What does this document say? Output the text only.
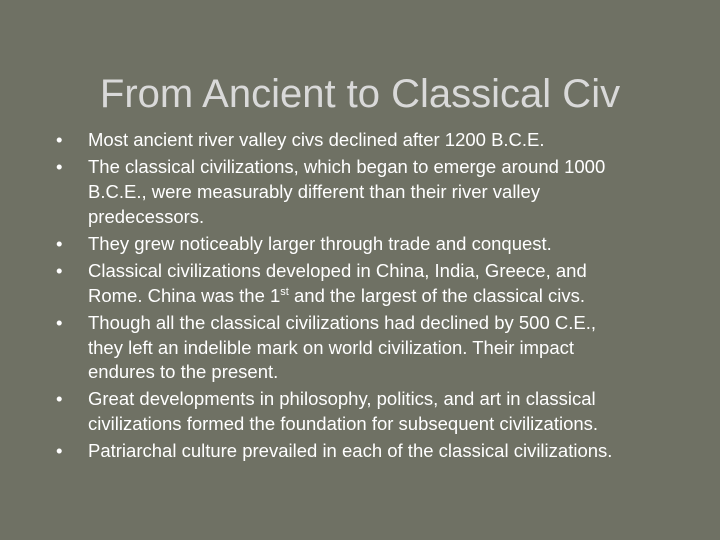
From Ancient to Classical Civ
•	Most ancient river valley civs declined after 1200 B.C.E.
•	The classical civilizations, which began to emerge around 1000
B.C.E., were measurably different than their river valley
predecessors.
•	They grew noticeably larger through trade and conquest.
•	Classical civilizations developed in China, India, Greece, and
Rome. China was the 1st and the largest of the classical civs.
•	Though all the classical civilizations had declined by 500 C.E.,
they left an indelible mark on world civilization. Their impact
endures to the present.
•	Great developments in philosophy, politics, and art in classical
civilizations formed the foundation for subsequent civilizations.
•	Patriarchal culture prevailed in each of the classical civilizations.
